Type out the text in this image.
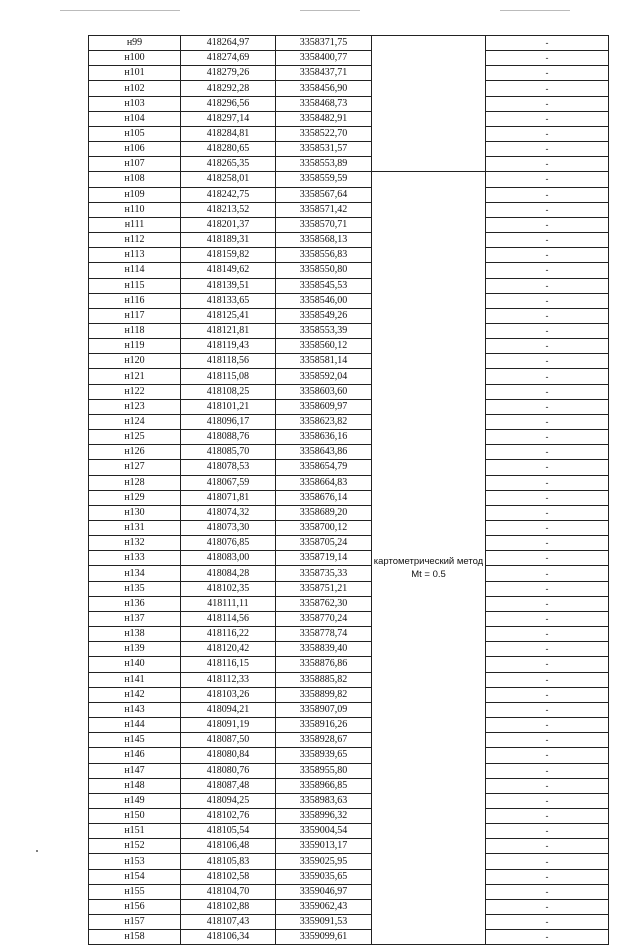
н99	418264,97	3358371,75		-
н100	418274,69	3358400,77		-
н101	418279,26	3358437,71		-
н102	418292,28	3358456,90		-
н103	418296,56	3358468,73		-
н104	418297,14	3358482,91		-
н105	418284,81	3358522,70		-
н106	418280,65	3358531,57		-
н107	418265,35	3358553,89		-
н108	418258,01	3358559,59	картометрический метод Mt = 0.5	-
н109	418242,75	3358567,64		-
н110	418213,52	3358571,42		-
н111	418201,37	3358570,71		-
н112	418189,31	3358568,13		-
н113	418159,82	3358556,83		-
н114	418149,62	3358550,80		-
н115	418139,51	3358545,53		-
н116	418133,65	3358546,00		-
н117	418125,41	3358549,26		-
н118	418121,81	3358553,39		-
н119	418119,43	3358560,12		-
н120	418118,56	3358581,14		-
н121	418115,08	3358592,04		-
н122	418108,25	3358603,60		-
н123	418101,21	3358609,97		-
н124	418096,17	3358623,82		-
н125	418088,76	3358636,16		-
н126	418085,70	3358643,86		-
н127	418078,53	3358654,79		-
н128	418067,59	3358664,83		-
н129	418071,81	3358676,14		-
н130	418074,32	3358689,20		-
н131	418073,30	3358700,12		-
н132	418076,85	3358705,24		-
н133	418083,00	3358719,14		-
н134	418084,28	3358735,33		-
н135	418102,35	3358751,21		-
н136	418111,11	3358762,30		-
н137	418114,56	3358770,24		-
н138	418116,22	3358778,74		-
н139	418120,42	3358839,40		-
н140	418116,15	3358876,86		-
н141	418112,33	3358885,82		-
н142	418103,26	3358899,82		-
н143	418094,21	3358907,09		-
н144	418091,19	3358916,26		-
н145	418087,50	3358928,67		-
н146	418080,84	3358939,65		-
н147	418080,76	3358955,80		-
н148	418087,48	3358966,85		-
н149	418094,25	3358983,63		-
н150	418102,76	3358996,32		-
н151	418105,54	3359004,54		-
н152	418106,48	3359013,17		-
н153	418105,83	3359025,95		-
н154	418102,58	3359035,65		-
н155	418104,70	3359046,97		-
н156	418102,88	3359062,43		-
н157	418107,43	3359091,53		-
н158	418106,34	3359099,61		-
